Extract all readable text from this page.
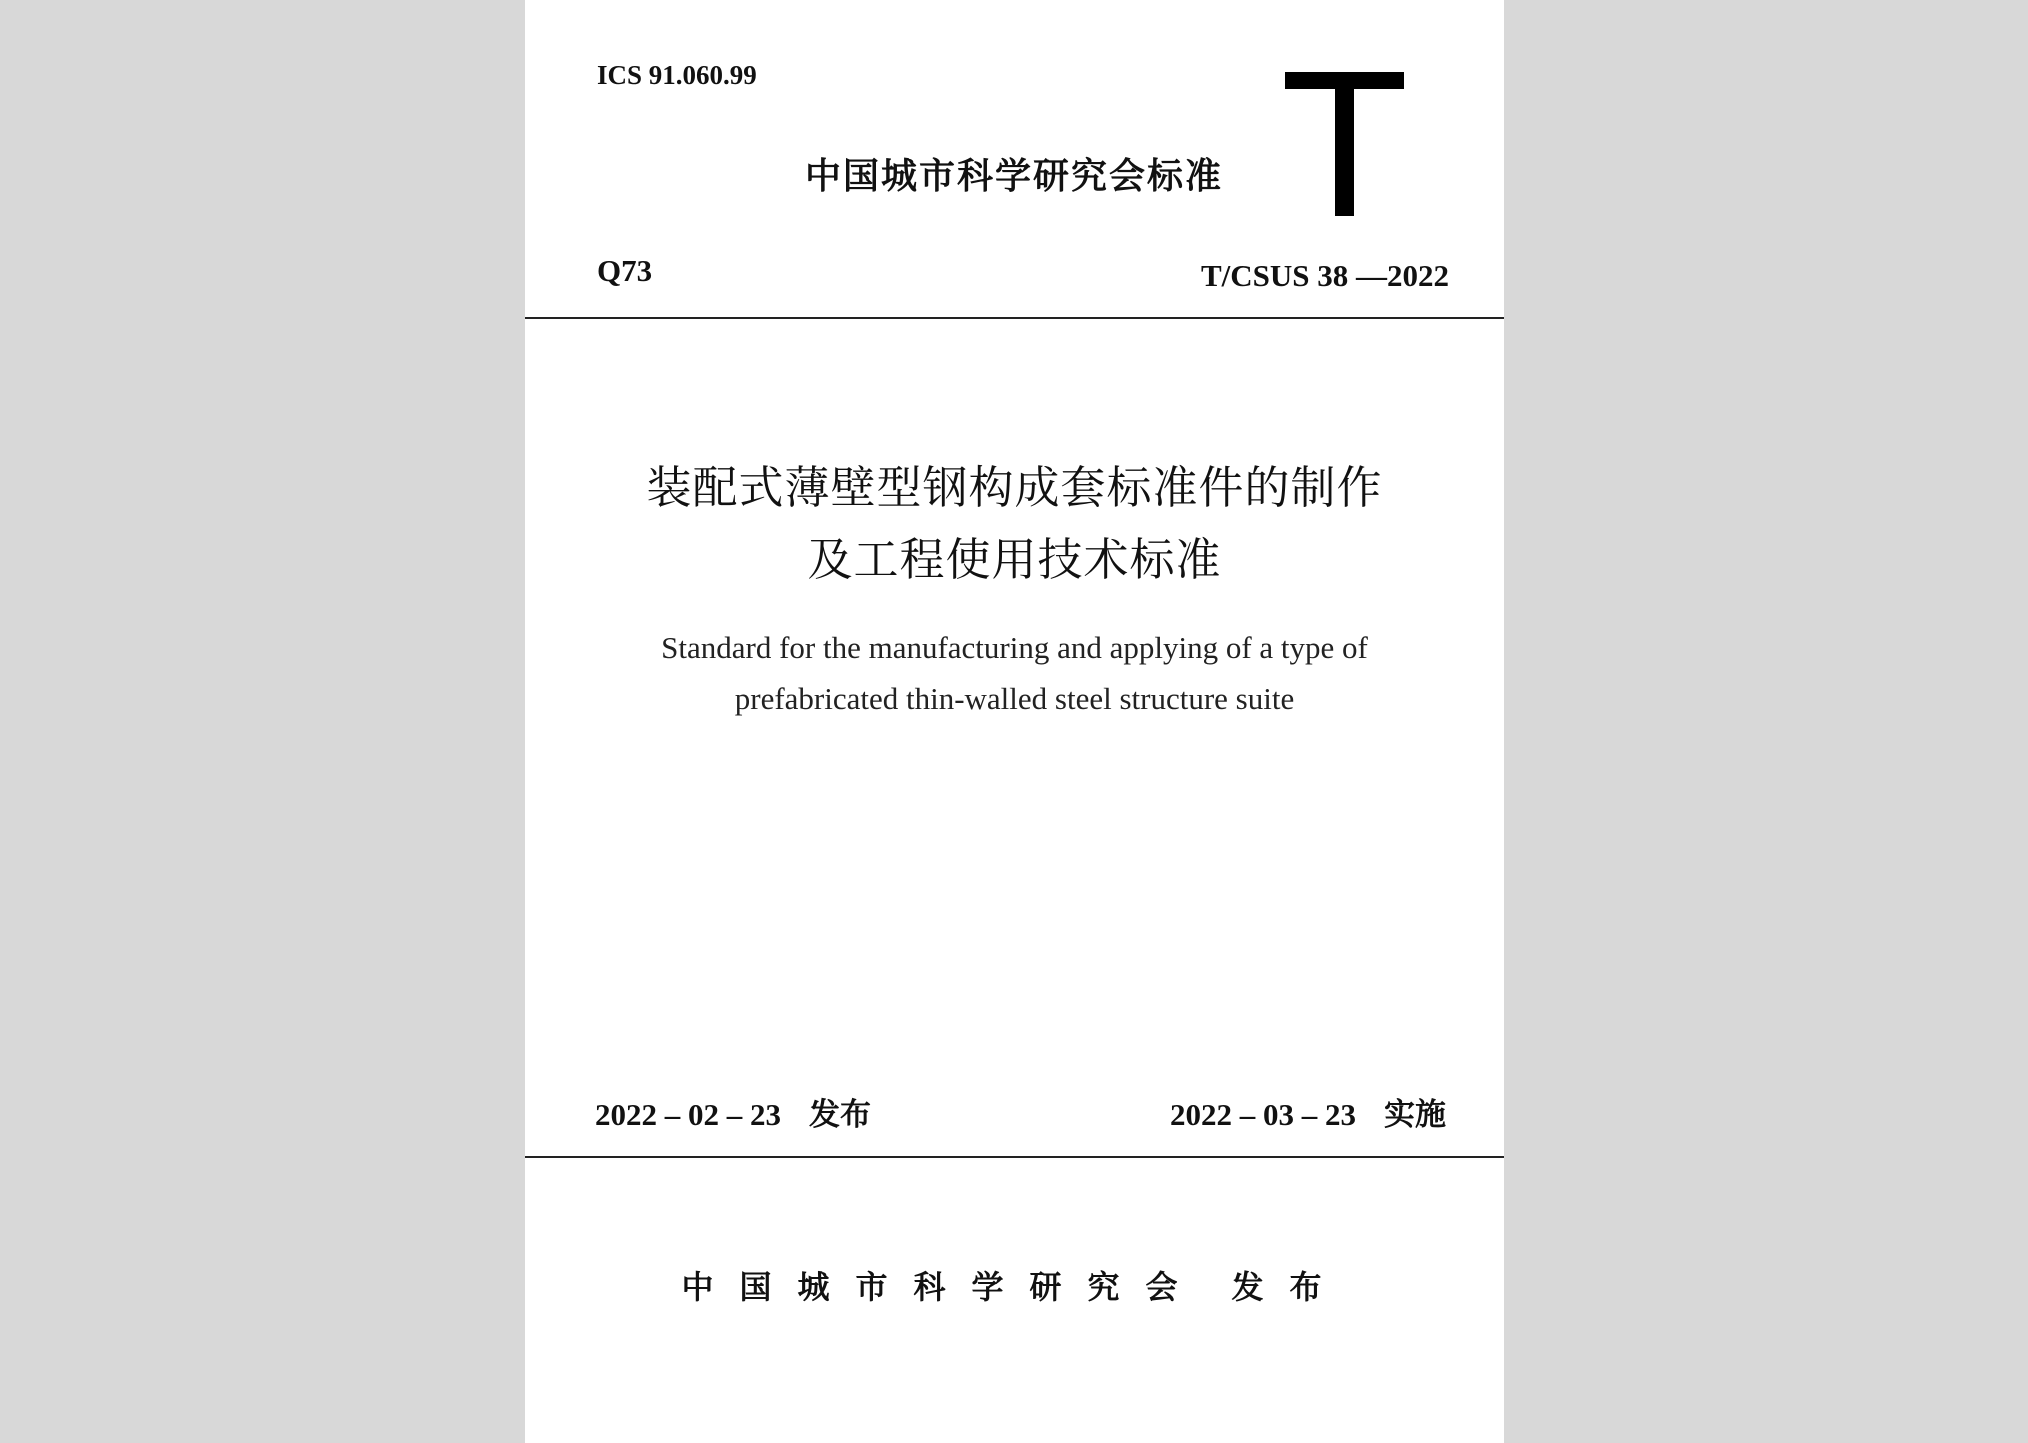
ICS 91.060.99
中国城市科学研究会标准
Q73	T/CSUS 38 —2022
装配式薄壁型钢构成套标准件的制作
及工程使用技术标准
Standard for the manufacturing and applying of a type of
prefabricated thin-walled steel structure suite
2022 – 02 – 23 发布	2022 – 03 – 23 实施
中国城市科学研究会 发布
